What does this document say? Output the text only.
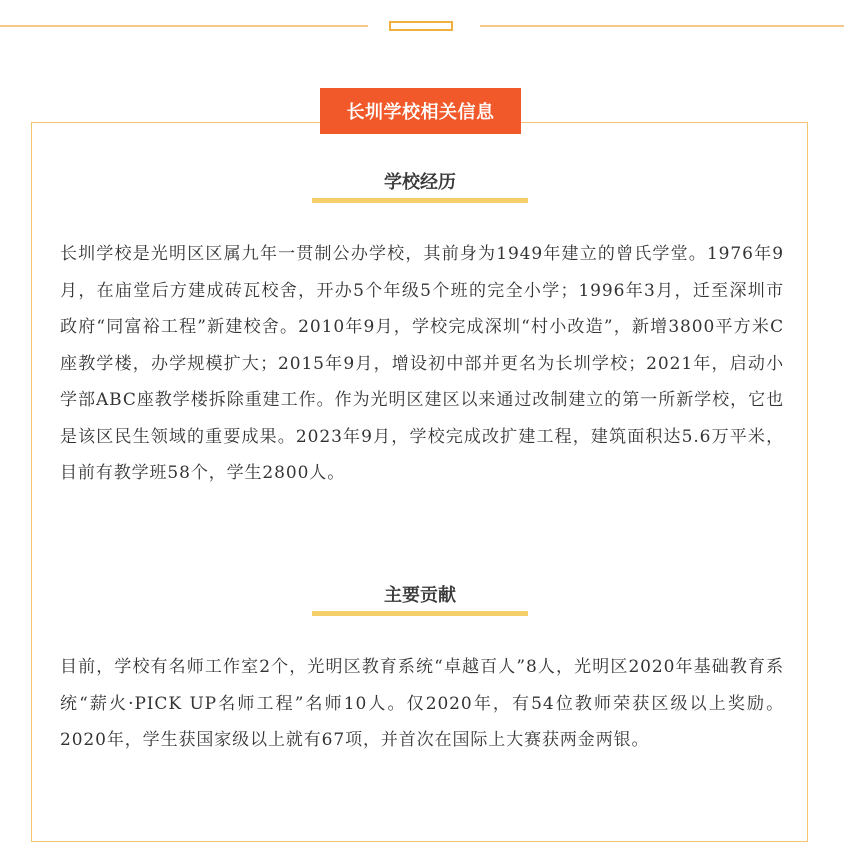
长圳学校相关信息
学校经历
长圳学校是光明区区属九年一贯制公办学校，其前身为1949年建立的曾氏学堂。1976年9月，在庙堂后方建成砖瓦校舍，开办5个年级5个班的完全小学；1996年3月，迁至深圳市政府“同富裕工程”新建校舍。2010年9月，学校完成深圳“村小改造”，新增3800平方米C座教学楼，办学规模扩大；2015年9月，增设初中部并更名为长圳学校；2021年，启动小学部ABC座教学楼拆除重建工作。作为光明区建区以来通过改制建立的第一所新学校，它也是该区民生领域的重要成果。2023年9月，学校完成改扩建工程，建筑面积达5.6万平米，目前有教学班58个，学生2800人。
主要贡献
目前，学校有名师工作室2个，光明区教育系统“卓越百人”8人，光明区2020年基础教育系统“薪火·PICK UP名师工程”名师10人。仅2020年，有54位教师荣获区级以上奖励。2020年，学生获国家级以上就有67项，并首次在国际上大赛获两金两银。
